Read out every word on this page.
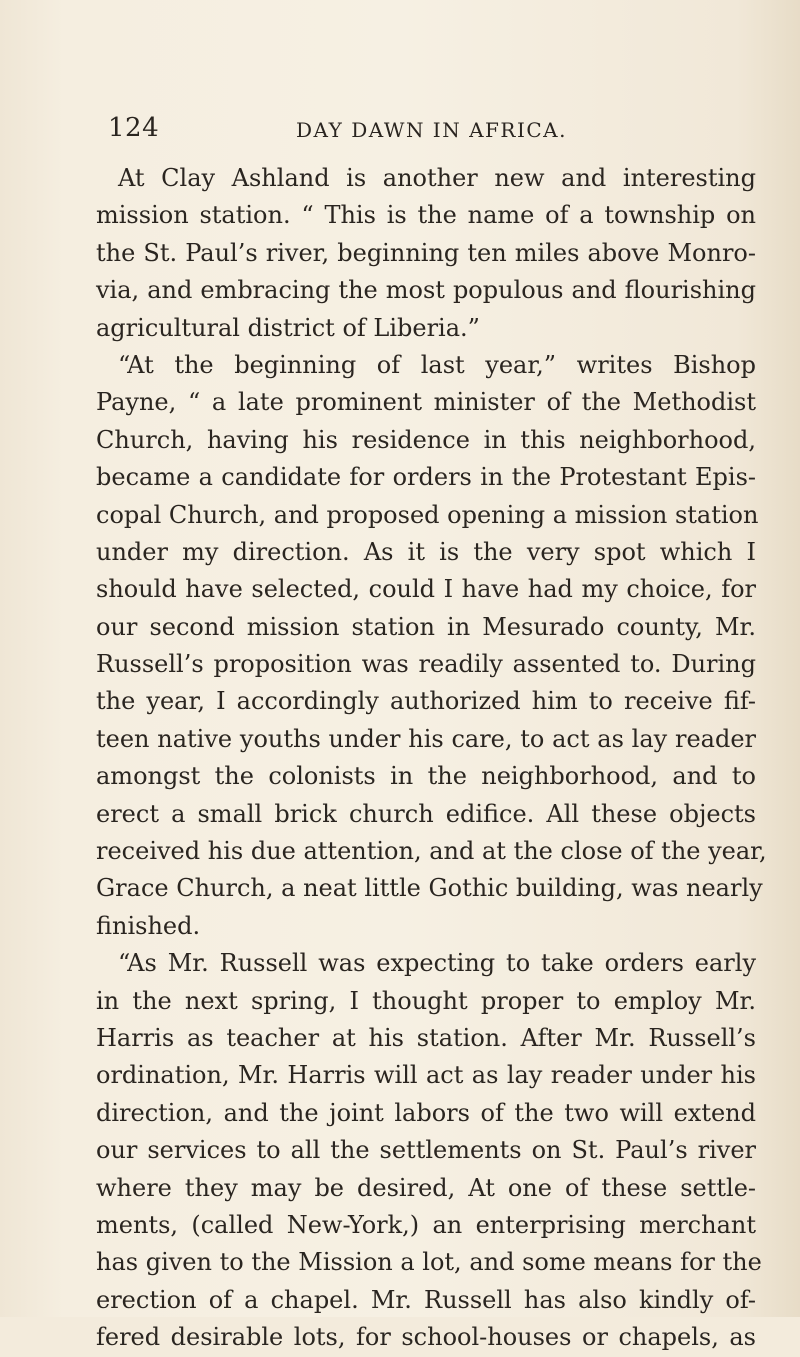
124	DAY DAWN IN AFRICA.
At Clay Ashland is another new and interesting
mission station. “ This is the name of a township on
the St. Paul’s river, beginning ten miles above Monro-
via, and embracing the most populous and flourishing
agricultural district of Liberia.”
“At the beginning of last year,” writes Bishop
Payne, “ a late prominent minister of the Methodist
Church, having his residence in this neighborhood,
became a candidate for orders in the Protestant Epis-
copal Church, and proposed opening a mission station
under my direction. As it is the very spot which I
should have selected, could I have had my choice, for
our second mission station in Mesurado county, Mr.
Russell’s proposition was readily assented to. During
the year, I accordingly authorized him to receive fif-
teen native youths under his care, to act as lay reader
amongst the colonists in the neighborhood, and to
erect a small brick church edifice. All these objects
received his due attention, and at the close of the year,
Grace Church, a neat little Gothic building, was nearly
finished.
“As Mr. Russell was expecting to take orders early
in the next spring, I thought proper to employ Mr.
Harris as teacher at his station. After Mr. Russell’s
ordination, Mr. Harris will act as lay reader under his
direction, and the joint labors of the two will extend
our services to all the settlements on St. Paul’s river
where they may be desired, At one of these settle-
ments, (called New-York,) an enterprising merchant
has given to the Mission a lot, and some means for the
erection of a chapel. Mr. Russell has also kindly of-
fered desirable lots, for school-houses or chapels, as
